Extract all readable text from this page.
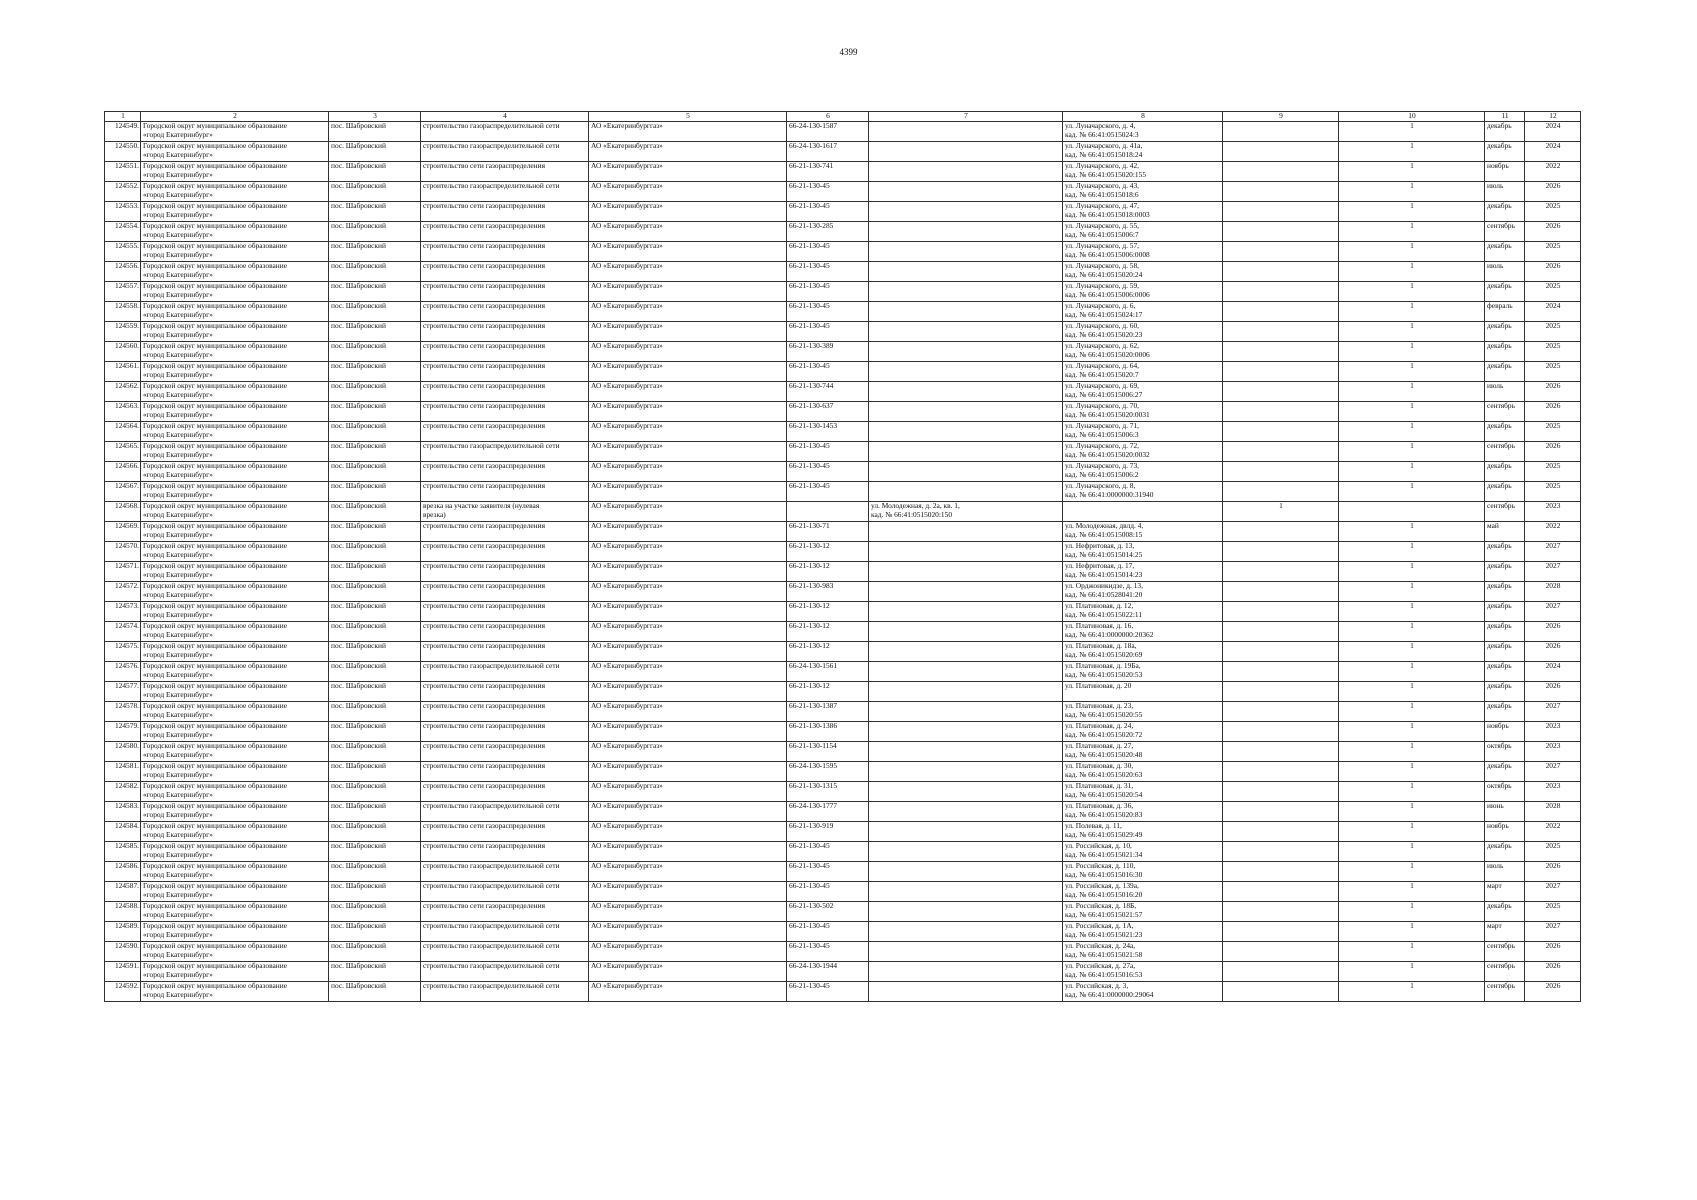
4399
1	2	3	4	5	6	7	8	9	10	11	12

124549.	Городской округ муниципальное образование
«город Екатеринбург»	пос. Шабровский	строительство газораспределительной сети	АО «Екатеринбурггаз»	66-24-130-1587		ул. Луначарского, д. 4,
кад. № 66:41:0515024:3		1	декабрь	2024

124550.	Городской округ муниципальное образование
«город Екатеринбург»	пос. Шабровский	строительство газораспределительной сети	АО «Екатеринбурггаз»	66-24-130-1617		ул. Луначарского, д. 41а,
кад. № 66:41:0515018:24		1	декабрь	2024

124551.	Городской округ муниципальное образование
«город Екатеринбург»	пос. Шабровский	строительство сети газораспределения	АО «Екатеринбурггаз»	66-21-130-741		ул. Луначарского, д. 42,
кад. № 66:41:0515020:155		1	ноябрь	2022

124552.	Городской округ муниципальное образование
«город Екатеринбург»	пос. Шабровский	строительство газораспределительной сети	АО «Екатеринбурггаз»	66-21-130-45		ул. Луначарского, д. 43,
кад. № 66:41:0515018:6		1	июль	2026

124553.	Городской округ муниципальное образование
«город Екатеринбург»	пос. Шабровский	строительство сети газораспределения	АО «Екатеринбурггаз»	66-21-130-45		ул. Луначарского, д. 47,
кад. № 66:41:0515018:0003		1	декабрь	2025

124554.	Городской округ муниципальное образование
«город Екатеринбург»	пос. Шабровский	строительство сети газораспределения	АО «Екатеринбурггаз»	66-21-130-285		ул. Луначарского, д. 55,
кад. № 66:41:0515006:7		1	сентябрь	2026

124555.	Городской округ муниципальное образование
«город Екатеринбург»	пос. Шабровский	строительство сети газораспределения	АО «Екатеринбурггаз»	66-21-130-45		ул. Луначарского, д. 57,
кад. № 66:41:0515006:0008		1	декабрь	2025

124556.	Городской округ муниципальное образование
«город Екатеринбург»	пос. Шабровский	строительство сети газораспределения	АО «Екатеринбурггаз»	66-21-130-45		ул. Луначарского, д. 58,
кад. № 66:41:0515020:24		1	июль	2026

124557.	Городской округ муниципальное образование
«город Екатеринбург»	пос. Шабровский	строительство сети газораспределения	АО «Екатеринбурггаз»	66-21-130-45		ул. Луначарского, д. 59,
кад. № 66:41:0515006:0006		1	декабрь	2025

124558.	Городской округ муниципальное образование
«город Екатеринбург»	пос. Шабровский	строительство сети газораспределения	АО «Екатеринбурггаз»	66-21-130-45		ул. Луначарского, д. 6,
кад. № 66:41:0515024:17		1	февраль	2024

124559.	Городской округ муниципальное образование
«город Екатеринбург»	пос. Шабровский	строительство сети газораспределения	АО «Екатеринбурггаз»	66-21-130-45		ул. Луначарского, д. 60,
кад. № 66:41:0515020:23		1	декабрь	2025

124560.	Городской округ муниципальное образование
«город Екатеринбург»	пос. Шабровский	строительство сети газораспределения	АО «Екатеринбурггаз»	66-21-130-389		ул. Луначарского, д. 62,
кад. № 66:41:0515020:0006		1	декабрь	2025

124561.	Городской округ муниципальное образование
«город Екатеринбург»	пос. Шабровский	строительство сети газораспределения	АО «Екатеринбурггаз»	66-21-130-45		ул. Луначарского, д. 64,
кад. № 66:41:0515020:7		1	декабрь	2025

124562.	Городской округ муниципальное образование
«город Екатеринбург»	пос. Шабровский	строительство сети газораспределения	АО «Екатеринбурггаз»	66-21-130-744		ул. Луначарского, д. 69,
кад. № 66:41:0515006:27		1	июль	2026

124563.	Городской округ муниципальное образование
«город Екатеринбург»	пос. Шабровский	строительство сети газораспределения	АО «Екатеринбурггаз»	66-21-130-637		ул. Луначарского, д. 70,
кад. № 66:41:0515020:0031		1	сентябрь	2026

124564.	Городской округ муниципальное образование
«город Екатеринбург»	пос. Шабровский	строительство сети газораспределения	АО «Екатеринбурггаз»	66-21-130-1453		ул. Луначарского, д. 71,
кад. № 66:41:0515006:3		1	декабрь	2025

124565.	Городской округ муниципальное образование
«город Екатеринбург»	пос. Шабровский	строительство газораспределительной сети	АО «Екатеринбурггаз»	66-21-130-45		ул. Луначарского, д. 72,
кад. № 66:41:0515020:0032		1	сентябрь	2026

124566.	Городской округ муниципальное образование
«город Екатеринбург»	пос. Шабровский	строительство сети газораспределения	АО «Екатеринбурггаз»	66-21-130-45		ул. Луначарского, д. 73,
кад. № 66:41:0515006:2		1	декабрь	2025

124567.	Городской округ муниципальное образование
«город Екатеринбург»	пос. Шабровский	строительство сети газораспределения	АО «Екатеринбурггаз»	66-21-130-45		ул. Луначарского, д. 8,
кад. № 66:41:0000000:31940		1	декабрь	2025

124568.	Городской округ муниципальное образование
«город Екатеринбург»	пос. Шабровский	врезка на участке заявителя (нулевая
врезка)	АО «Екатеринбурггаз»		ул. Молодежная, д. 2а, кв. 1,
кад. № 66:41:0515020:150		1		сентябрь	2023

124569.	Городской округ муниципальное образование
«город Екатеринбург»	пос. Шабровский	строительство сети газораспределения	АО «Екатеринбурггаз»	66-21-130-71		ул. Молодежная, двлд. 4,
кад. № 66:41:0515008:15		1	май	2022

124570.	Городской округ муниципальное образование
«город Екатеринбург»	пос. Шабровский	строительство сети газораспределения	АО «Екатеринбурггаз»	66-21-130-12		ул. Нефритовая, д. 13,
кад. № 66:41:0515014:25		1	декабрь	2027

124571.	Городской округ муниципальное образование
«город Екатеринбург»	пос. Шабровский	строительство сети газораспределения	АО «Екатеринбурггаз»	66-21-130-12		ул. Нефритовая, д. 17,
кад. № 66:41:0515014:23		1	декабрь	2027

124572.	Городской округ муниципальное образование
«город Екатеринбург»	пос. Шабровский	строительство сети газораспределения	АО «Екатеринбурггаз»	66-21-130-983		ул. Орджоникидзе, д. 13,
кад. № 66:41:0528041:20		1	декабрь	2028

124573.	Городской округ муниципальное образование
«город Екатеринбург»	пос. Шабровский	строительство сети газораспределения	АО «Екатеринбурггаз»	66-21-130-12		ул. Платиновая, д. 12,
кад. № 66:41:0515022:11		1	декабрь	2027

124574.	Городской округ муниципальное образование
«город Екатеринбург»	пос. Шабровский	строительство сети газораспределения	АО «Екатеринбурггаз»	66-21-130-12		ул. Платиновая, д. 16,
кад. № 66:41:0000000:20362		1	декабрь	2026

124575.	Городской округ муниципальное образование
«город Екатеринбург»	пос. Шабровский	строительство сети газораспределения	АО «Екатеринбурггаз»	66-21-130-12		ул. Платиновая, д. 18а,
кад. № 66:41:0515020:69		1	декабрь	2026

124576.	Городской округ муниципальное образование
«город Екатеринбург»	пос. Шабровский	строительство газораспределительной сети	АО «Екатеринбурггаз»	66-24-130-1561		ул. Платиновая, д. 19Ба,
кад. № 66:41:0515020:53		1	декабрь	2024

124577.	Городской округ муниципальное образование
«город Екатеринбург»	пос. Шабровский	строительство сети газораспределения	АО «Екатеринбурггаз»	66-21-130-12		ул. Платиновая, д. 20		1	декабрь	2026

124578.	Городской округ муниципальное образование
«город Екатеринбург»	пос. Шабровский	строительство сети газораспределения	АО «Екатеринбурггаз»	66-21-130-1387		ул. Платиновая, д. 23,
кад. № 66:41:0515020:55		1	декабрь	2027

124579.	Городской округ муниципальное образование
«город Екатеринбург»	пос. Шабровский	строительство сети газораспределения	АО «Екатеринбурггаз»	66-21-130-1386		ул. Платиновая, д. 24,
кад. № 66:41:0515020:72		1	ноябрь	2023

124580.	Городской округ муниципальное образование
«город Екатеринбург»	пос. Шабровский	строительство сети газораспределения	АО «Екатеринбурггаз»	66-21-130-1154		ул. Платиновая, д. 27,
кад. № 66:41:0515020:48		1	октябрь	2023

124581.	Городской округ муниципальное образование
«город Екатеринбург»	пос. Шабровский	строительство сети газораспределения	АО «Екатеринбурггаз»	66-24-130-1595		ул. Платиновая, д. 30,
кад. № 66:41:0515020:63		1	декабрь	2027

124582.	Городской округ муниципальное образование
«город Екатеринбург»	пос. Шабровский	строительство сети газораспределения	АО «Екатеринбурггаз»	66-21-130-1315		ул. Платиновая, д. 31,
кад. № 66:41:0515020:54		1	октябрь	2023

124583.	Городской округ муниципальное образование
«город Екатеринбург»	пос. Шабровский	строительство газораспределительной сети	АО «Екатеринбурггаз»	66-24-130-1777		ул. Платиновая, д. 36,
кад. № 66:41:0515020:83		1	июнь	2028

124584.	Городской округ муниципальное образование
«город Екатеринбург»	пос. Шабровский	строительство сети газораспределения	АО «Екатеринбурггаз»	66-21-130-919		ул. Полевая, д. 11,
кад. № 66:41:0515029:49		1	ноябрь	2022

124585.	Городской округ муниципальное образование
«город Екатеринбург»	пос. Шабровский	строительство сети газораспределения	АО «Екатеринбурггаз»	66-21-130-45		ул. Российская, д. 10,
кад. № 66:41:0515021:34		1	декабрь	2025

124586.	Городской округ муниципальное образование
«город Екатеринбург»	пос. Шабровский	строительство газораспределительной сети	АО «Екатеринбурггаз»	66-21-130-45		ул. Российская, д. 110,
кад. № 66:41:0515016:30		1	июль	2026

124587.	Городской округ муниципальное образование
«город Екатеринбург»	пос. Шабровский	строительство газораспределительной сети	АО «Екатеринбурггаз»	66-21-130-45		ул. Российская, д. 139а,
кад. № 66:41:0515016:20		1	март	2027

124588.	Городской округ муниципальное образование
«город Екатеринбург»	пос. Шабровский	строительство сети газораспределения	АО «Екатеринбурггаз»	66-21-130-502		ул. Российская, д. 18Б,
кад. № 66:41:0515021:57		1	декабрь	2025

124589.	Городской округ муниципальное образование
«город Екатеринбург»	пос. Шабровский	строительство газораспределительной сети	АО «Екатеринбурггаз»	66-21-130-45		ул. Российская, д. 1А,
кад. № 66:41:0515021:23		1	март	2027

124590.	Городской округ муниципальное образование
«город Екатеринбург»	пос. Шабровский	строительство газораспределительной сети	АО «Екатеринбурггаз»	66-21-130-45		ул. Российская, д. 24а,
кад. № 66:41:0515021:58		1	сентябрь	2026

124591.	Городской округ муниципальное образование
«город Екатеринбург»	пос. Шабровский	строительство газораспределительной сети	АО «Екатеринбурггаз»	66-24-130-1944		ул. Российская, д. 27а,
кад. № 66:41:0515016:53		1	сентябрь	2026

124592.	Городской округ муниципальное образование
«город Екатеринбург»	пос. Шабровский	строительство газораспределительной сети	АО «Екатеринбурггаз»	66-21-130-45		ул. Российская, д. 3,
кад. № 66:41:0000000:29064		1	сентябрь	2026
